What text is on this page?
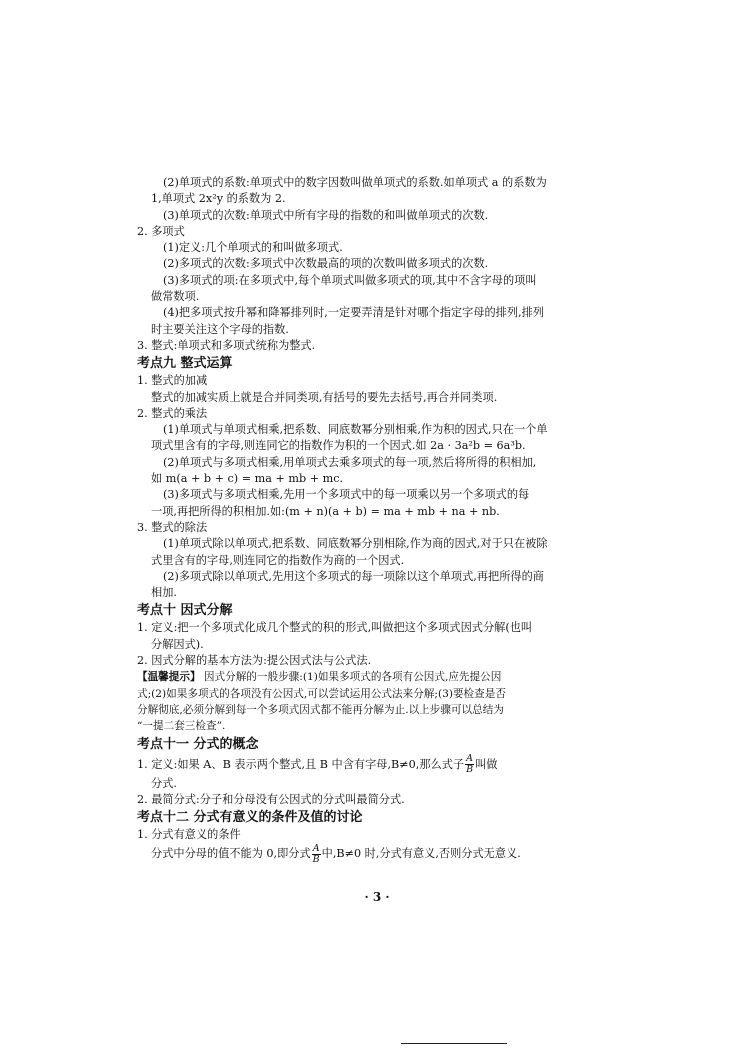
(2)单项式的系数:单项式中的数字因数叫做单项式的系数.如单项式 a 的系数为
1,单项式 2x²y 的系数为 2.
(3)单项式的次数:单项式中所有字母的指数的和叫做单项式的次数.
2. 多项式
(1)定义:几个单项式的和叫做多项式.
(2)多项式的次数:多项式中次数最高的项的次数叫做多项式的次数.
(3)多项式的项:在多项式中,每个单项式叫做多项式的项,其中不含字母的项叫
做常数项.
(4)把多项式按升幂和降幂排列时,一定要弄清是针对哪个指定字母的排列,排列
时主要关注这个字母的指数.
3. 整式:单项式和多项式统称为整式.
考点九 整式运算
1. 整式的加减
整式的加减实质上就是合并同类项,有括号的要先去括号,再合并同类项.
2. 整式的乘法
(1)单项式与单项式相乘,把系数、同底数幂分别相乘,作为积的因式,只在一个单
项式里含有的字母,则连同它的指数作为积的一个因式.如 2a · 3a²b = 6a³b.
(2)单项式与多项式相乘,用单项式去乘多项式的每一项,然后将所得的积相加,
如 m(a + b + c) = ma + mb + mc.
(3)多项式与多项式相乘,先用一个多项式中的每一项乘以另一个多项式的每
一项,再把所得的积相加.如:(m + n)(a + b) = ma + mb + na + nb.
3. 整式的除法
(1)单项式除以单项式,把系数、同底数幂分别相除,作为商的因式,对于只在被除
式里含有的字母,则连同它的指数作为商的一个因式.
(2)多项式除以单项式,先用这个多项式的每一项除以这个单项式,再把所得的商
相加.
考点十 因式分解
1. 定义:把一个多项式化成几个整式的积的形式,叫做把这个多项式因式分解(也叫
分解因式).
2. 因式分解的基本方法为:提公因式法与公式法.
【温馨提示】 因式分解的一般步骤:(1)如果多项式的各项有公因式,应先提公因
式;(2)如果多项式的各项没有公因式,可以尝试运用公式法来分解;(3)要检查是否
分解彻底,必须分解到每一个多项式因式都不能再分解为止.以上步骤可以总结为
“一提二套三检查”.
考点十一 分式的概念
1. 定义:如果 A、B 表示两个整式,且 B 中含有字母,B≠0,那么式子 $\frac{A}{B}$ 叫做
分式.
2. 最简分式:分子和分母没有公因式的分式叫最简分式.
考点十二 分式有意义的条件及值的讨论
1. 分式有意义的条件
分式中分母的值不能为 0,即分式 $\frac{A}{B}$ 中,B≠0 时,分式有意义,否则分式无意义.
· 3 ·
